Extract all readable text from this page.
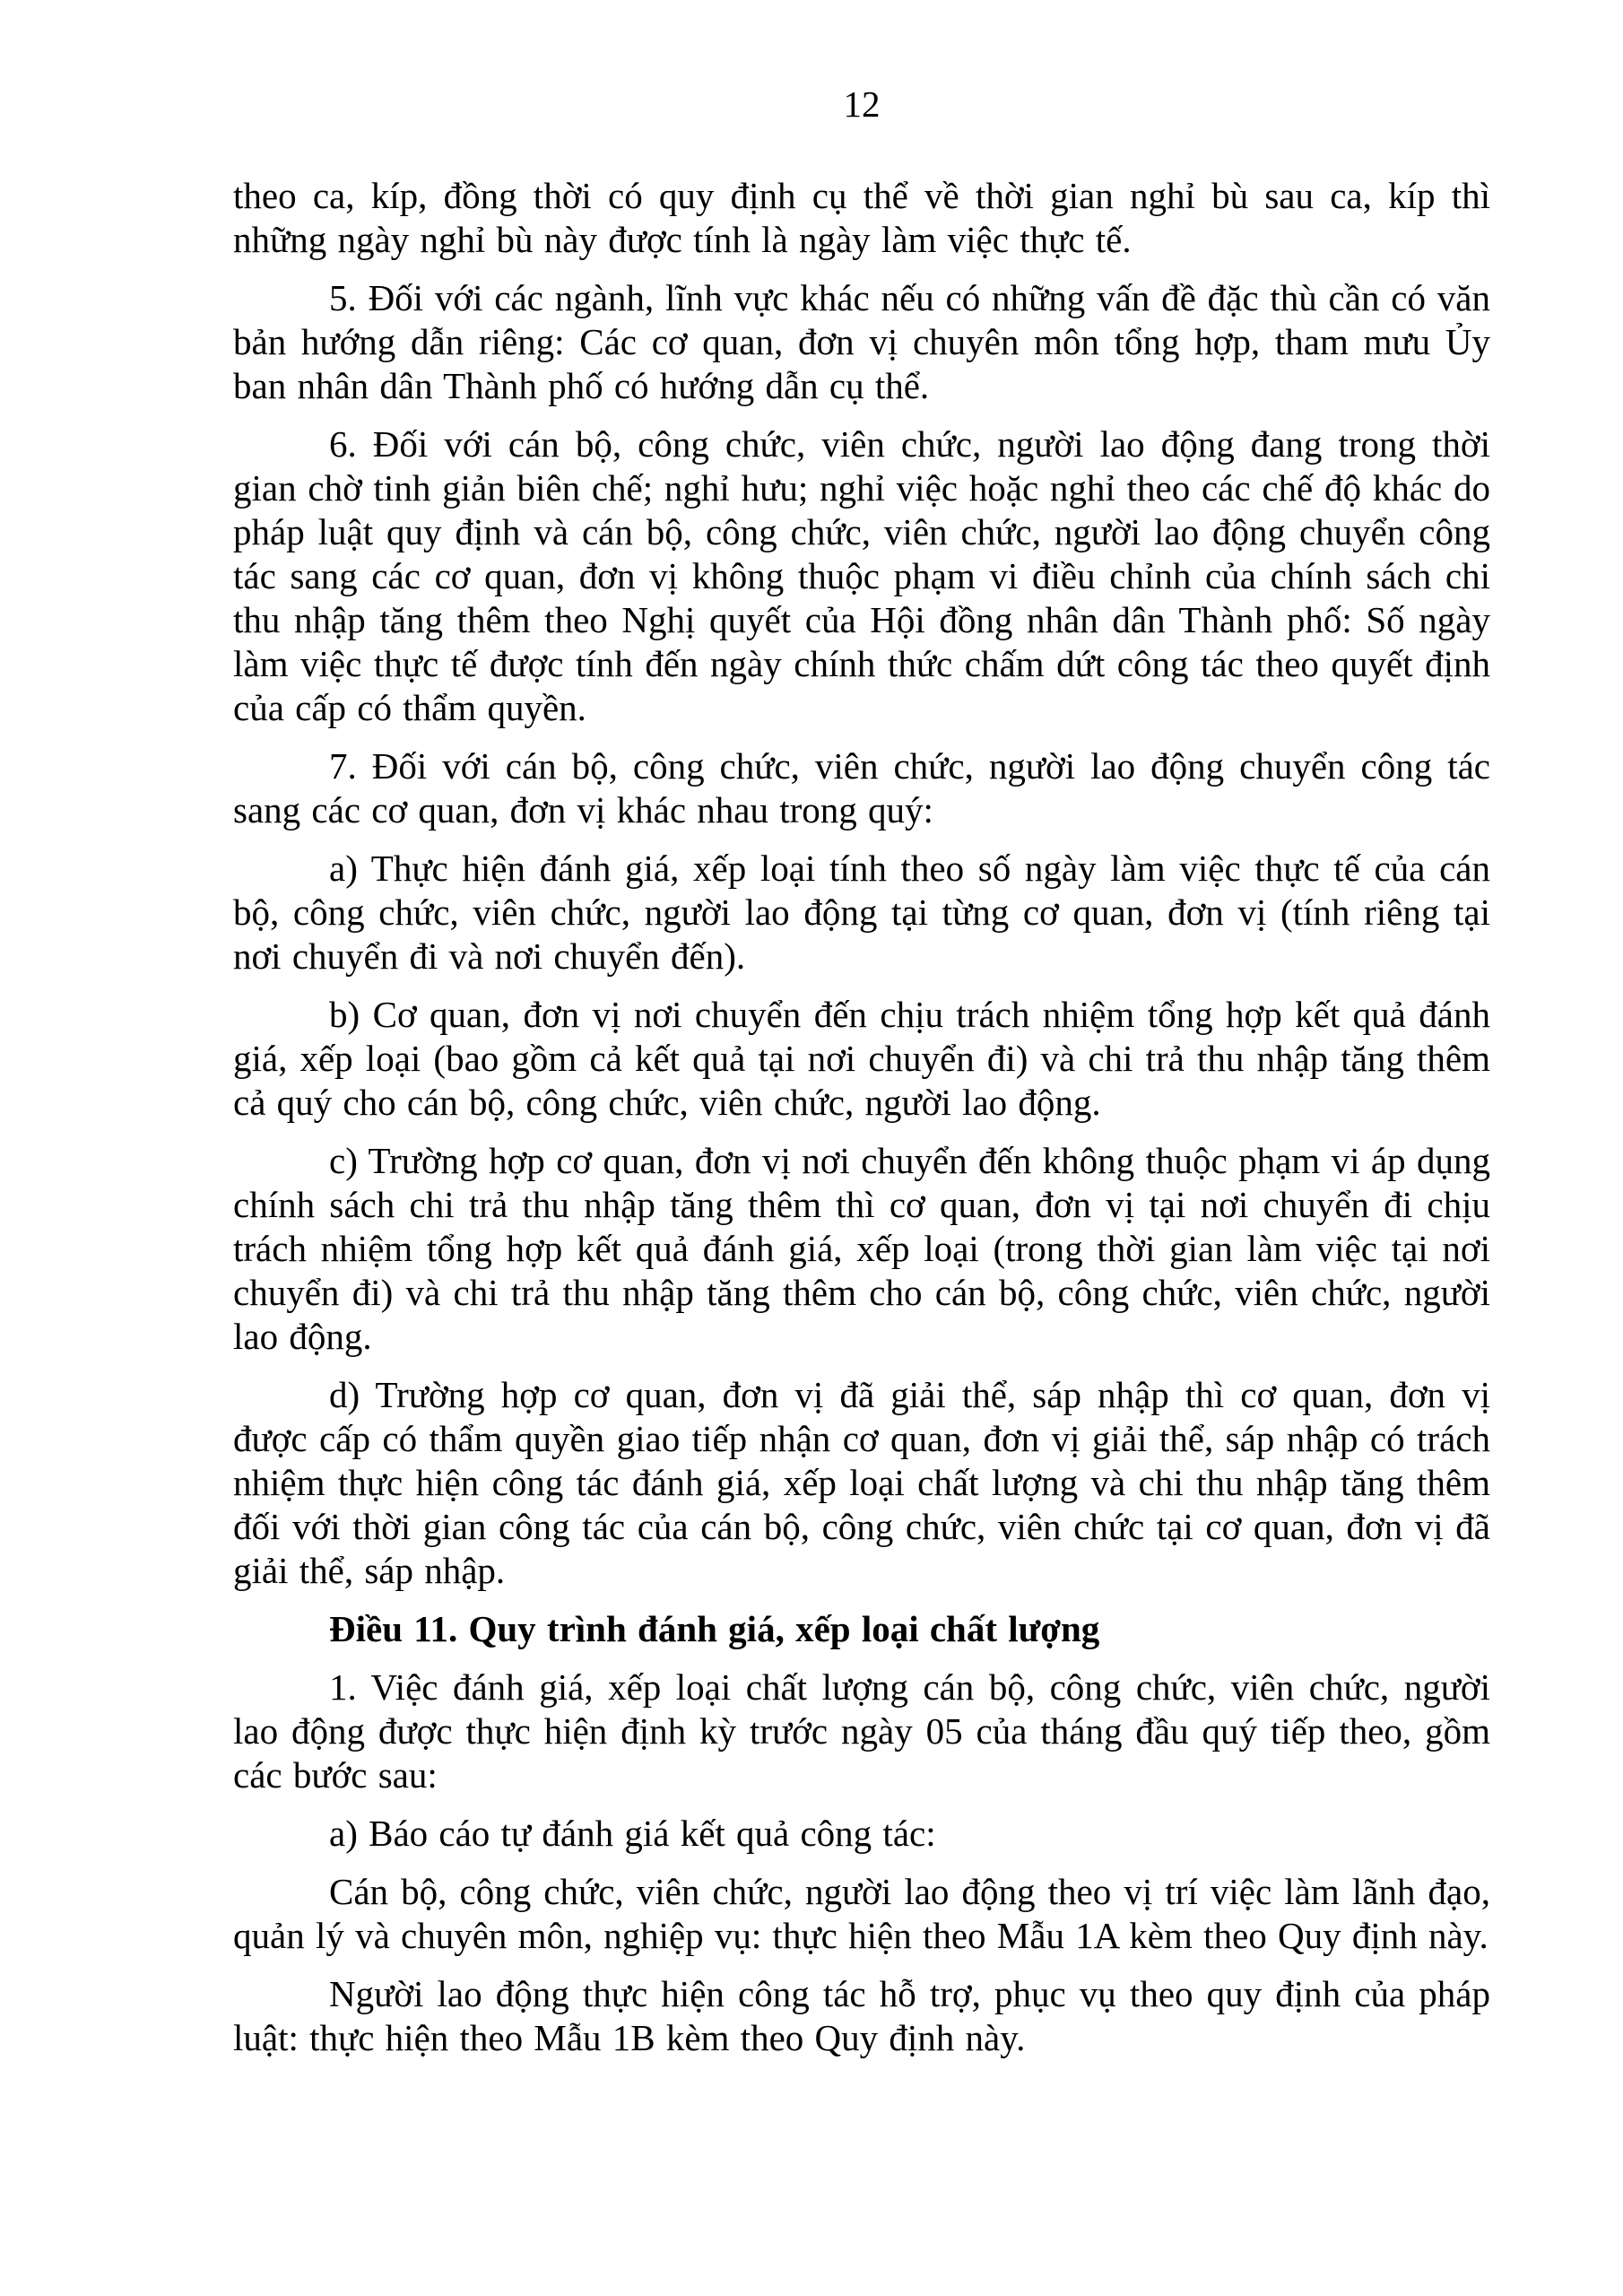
12

theo ca, kíp, đồng thời có quy định cụ thể về thời gian nghỉ bù sau ca, kíp thì những ngày nghỉ bù này được tính là ngày làm việc thực tế.

5. Đối với các ngành, lĩnh vực khác nếu có những vấn đề đặc thù cần có văn bản hướng dẫn riêng: Các cơ quan, đơn vị chuyên môn tổng hợp, tham mưu Ủy ban nhân dân Thành phố có hướng dẫn cụ thể.

6. Đối với cán bộ, công chức, viên chức, người lao động đang trong thời gian chờ tinh giản biên chế; nghỉ hưu; nghỉ việc hoặc nghỉ theo các chế độ khác do pháp luật quy định và cán bộ, công chức, viên chức, người lao động chuyển công tác sang các cơ quan, đơn vị không thuộc phạm vi điều chỉnh của chính sách chi thu nhập tăng thêm theo Nghị quyết của Hội đồng nhân dân Thành phố: Số ngày làm việc thực tế được tính đến ngày chính thức chấm dứt công tác theo quyết định của cấp có thẩm quyền.

7. Đối với cán bộ, công chức, viên chức, người lao động chuyển công tác sang các cơ quan, đơn vị khác nhau trong quý:

a) Thực hiện đánh giá, xếp loại tính theo số ngày làm việc thực tế của cán bộ, công chức, viên chức, người lao động tại từng cơ quan, đơn vị (tính riêng tại nơi chuyển đi và nơi chuyển đến).

b) Cơ quan, đơn vị nơi chuyển đến chịu trách nhiệm tổng hợp kết quả đánh giá, xếp loại (bao gồm cả kết quả tại nơi chuyển đi) và chi trả thu nhập tăng thêm cả quý cho cán bộ, công chức, viên chức, người lao động.

c) Trường hợp cơ quan, đơn vị nơi chuyển đến không thuộc phạm vi áp dụng chính sách chi trả thu nhập tăng thêm thì cơ quan, đơn vị tại nơi chuyển đi chịu trách nhiệm tổng hợp kết quả đánh giá, xếp loại (trong thời gian làm việc tại nơi chuyển đi) và chi trả thu nhập tăng thêm cho cán bộ, công chức, viên chức, người lao động.

d) Trường hợp cơ quan, đơn vị đã giải thể, sáp nhập thì cơ quan, đơn vị được cấp có thẩm quyền giao tiếp nhận cơ quan, đơn vị giải thể, sáp nhập có trách nhiệm thực hiện công tác đánh giá, xếp loại chất lượng và chi thu nhập tăng thêm đối với thời gian công tác của cán bộ, công chức, viên chức tại cơ quan, đơn vị đã giải thể, sáp nhập.

Điều 11. Quy trình đánh giá, xếp loại chất lượng

1. Việc đánh giá, xếp loại chất lượng cán bộ, công chức, viên chức, người lao động được thực hiện định kỳ trước ngày 05 của tháng đầu quý tiếp theo, gồm các bước sau:

a) Báo cáo tự đánh giá kết quả công tác:

Cán bộ, công chức, viên chức, người lao động theo vị trí việc làm lãnh đạo, quản lý và chuyên môn, nghiệp vụ: thực hiện theo Mẫu 1A kèm theo Quy định này.

Người lao động thực hiện công tác hỗ trợ, phục vụ theo quy định của pháp luật: thực hiện theo Mẫu 1B kèm theo Quy định này.
